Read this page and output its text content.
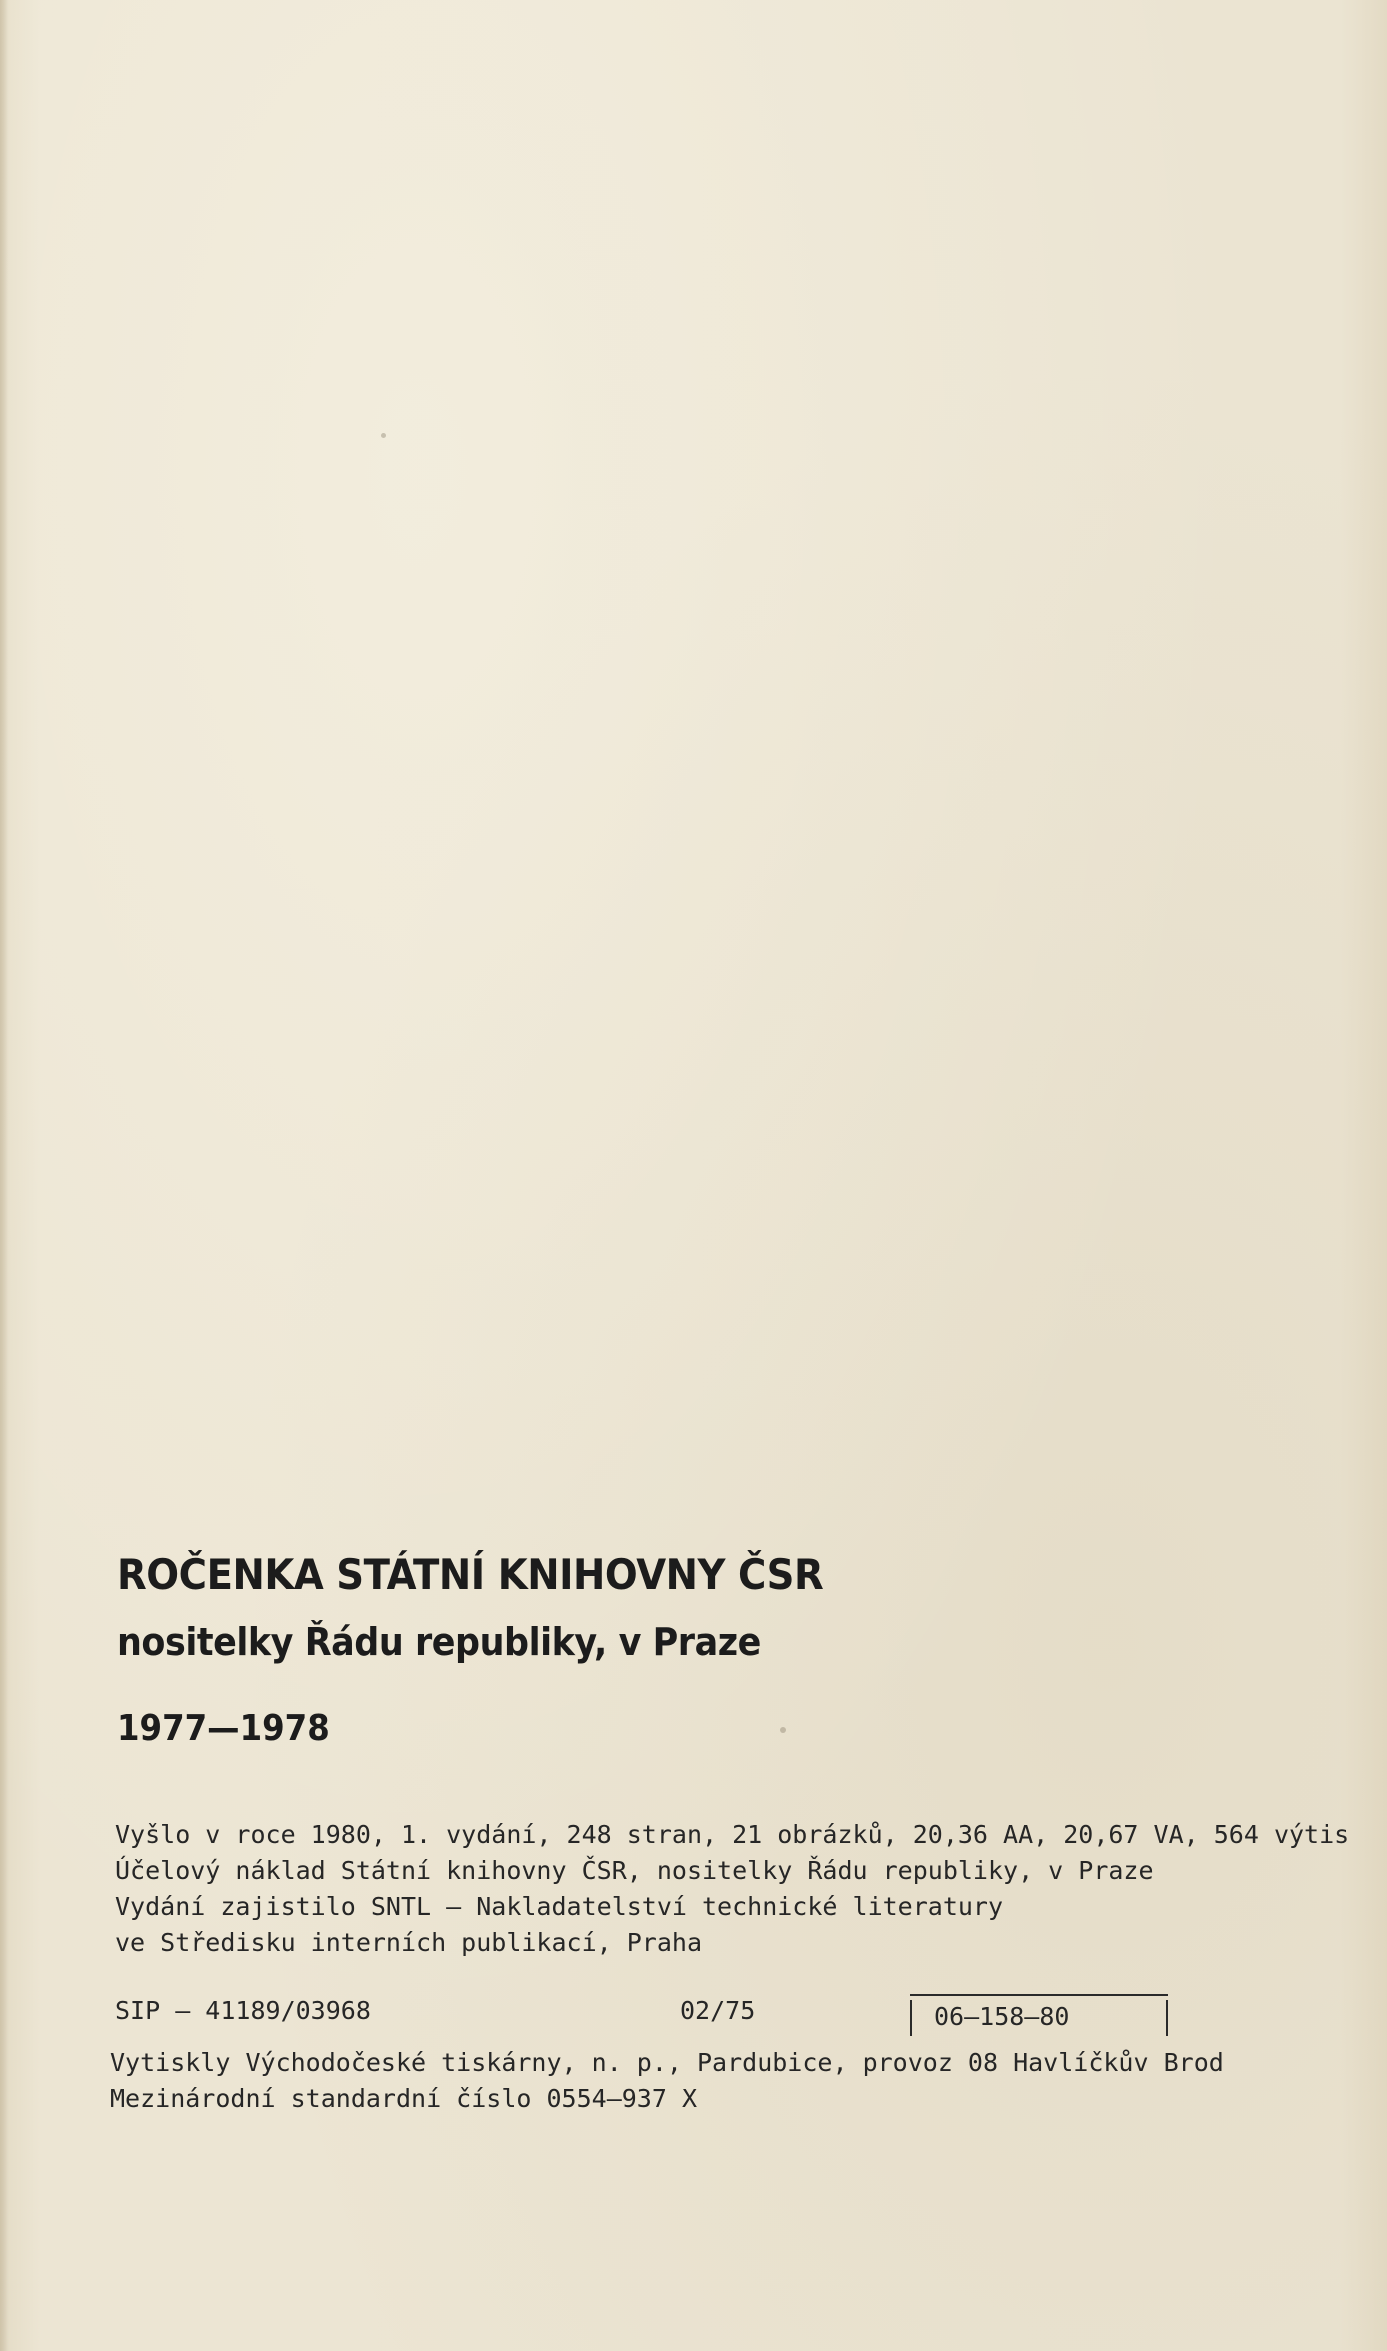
ROČENKA STÁTNÍ KNIHOVNY ČSR
nositelky Řádu republiky, v Praze
1977—1978
Vyšlo v roce 1980, 1. vydání, 248 stran, 21 obrázků, 20,36 AA, 20,67 VA, 564 výtis
Účelový náklad Státní knihovny ČSR, nositelky Řádu republiky, v Praze
Vydání zajistilo SNTL — Nakladatelství technické literatury
ve Středisku interních publikací, Praha
SIP — 41189/03968	02/75	06—158—80
Vytiskly Východočeské tiskárny, n. p., Pardubice, provoz 08 Havlíčkův Brod
Mezinárodní standardní číslo 0554—937 X
